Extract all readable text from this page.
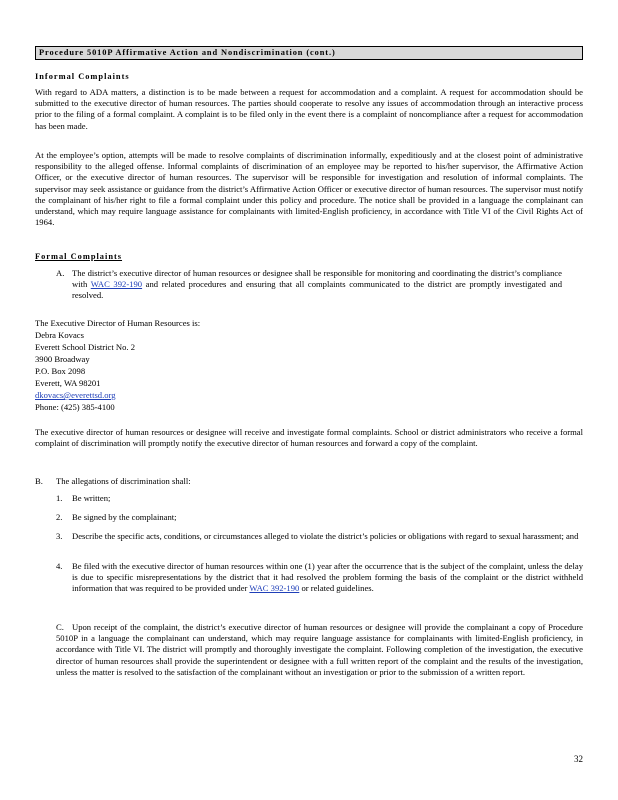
Procedure 5010P Affirmative Action and Nondiscrimination (cont.)
Informal Complaints
With regard to ADA matters, a distinction is to be made between a request for accommodation and a complaint. A request for accommodation should be submitted to the executive director of human resources. The parties should cooperate to resolve any issues of accommodation through an interactive process prior to the filing of a formal complaint. A complaint is to be filed only in the event there is a complaint of noncompliance after a request for accommodation has been made.
At the employee’s option, attempts will be made to resolve complaints of discrimination informally, expeditiously and at the closest point of administrative responsibility to the alleged offense. Informal complaints of discrimination of an employee may be reported to his/her supervisor, the Affirmative Action Officer, or the executive director of human resources. The supervisor will be responsible for investigation and resolution of informal complaints. The supervisor may seek assistance or guidance from the district’s Affirmative Action Officer or executive director of human resources. The supervisor must notify the complainant of his/her right to file a formal complaint under this policy and procedure. The notice shall be provided in a language the complainant can understand, which may require language assistance for complainants with limited-English proficiency, in accordance with Title VI of the Civil Rights Act of 1964.
Formal Complaints
A. The district’s executive director of human resources or designee shall be responsible for monitoring and coordinating the district’s compliance with WAC 392-190 and related procedures and ensuring that all complaints communicated to the district are promptly investigated and resolved.
The Executive Director of Human Resources is:
Debra Kovacs
Everett School District No. 2
3900 Broadway
P.O. Box 2098
Everett, WA 98201
dkovacs@everettsd.org
Phone: (425) 385-4100
The executive director of human resources or designee will receive and investigate formal complaints. School or district administrators who receive a formal complaint of discrimination will promptly notify the executive director of human resources and forward a copy of the complaint.
B. The allegations of discrimination shall:
1. Be written;
2. Be signed by the complainant;
3. Describe the specific acts, conditions, or circumstances alleged to violate the district’s policies or obligations with regard to sexual harassment; and
4. Be filed with the executive director of human resources within one (1) year after the occurrence that is the subject of the complaint, unless the delay is due to specific misrepresentations by the district that it had resolved the problem forming the basis of the complaint or the district withheld information that was required to be provided under WAC 392-190 or related guidelines.
C. Upon receipt of the complaint, the district’s executive director of human resources or designee will provide the complainant a copy of Procedure 5010P in a language the complainant can understand, which may require language assistance for complainants with limited-English proficiency, in accordance with Title VI. The district will promptly and thoroughly investigate the complaint. Following completion of the investigation, the executive director of human resources shall provide the superintendent or designee with a full written report of the complaint and the results of the investigation, unless the matter is resolved to the satisfaction of the complainant without an investigation or prior to the submission of a written report.
32
